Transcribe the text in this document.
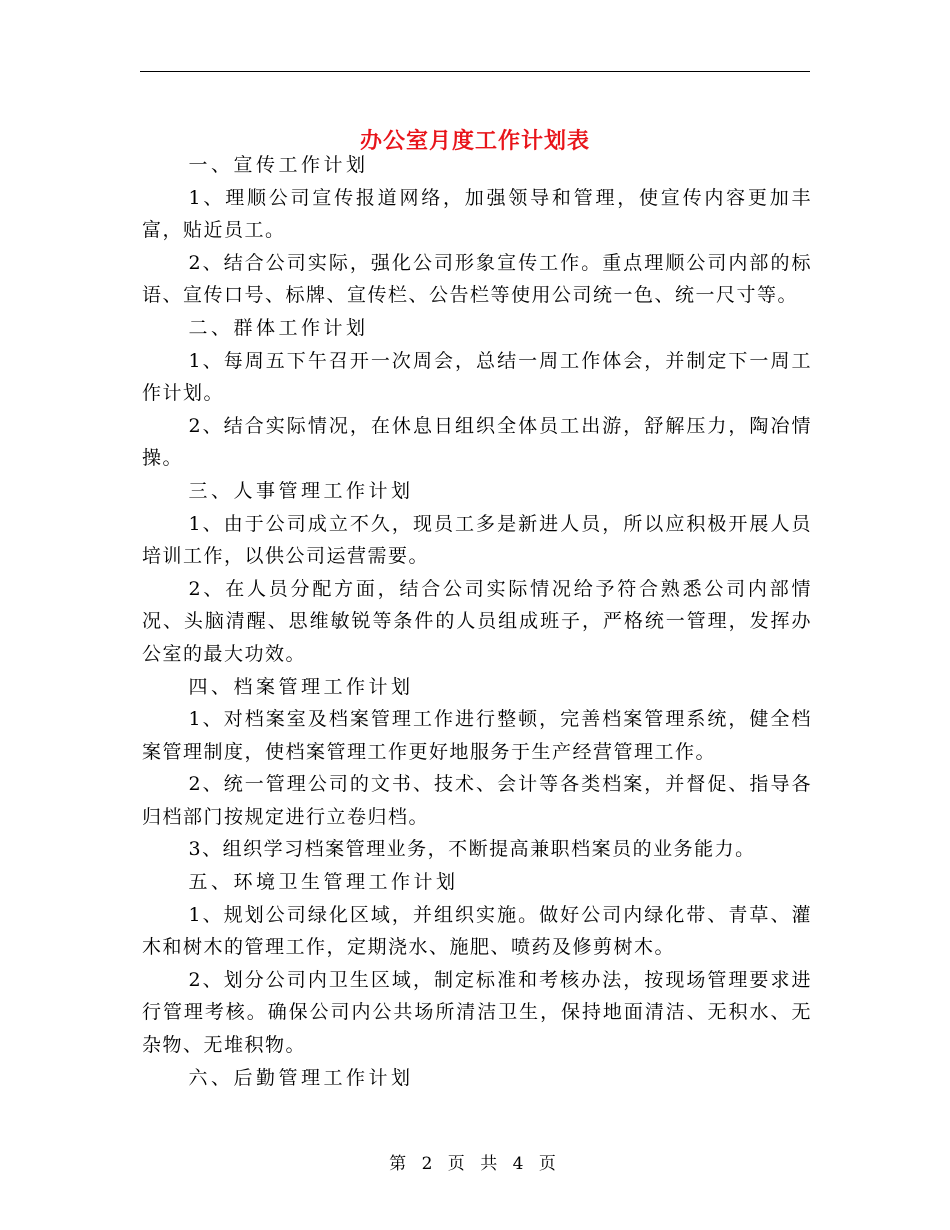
办公室月度工作计划表

一、宣传工作计划

1、理顺公司宣传报道网络，加强领导和管理，使宣传内容更加丰富，贴近员工。

2、结合公司实际，强化公司形象宣传工作。重点理顺公司内部的标语、宣传口号、标牌、宣传栏、公告栏等使用公司统一色、统一尺寸等。

二、群体工作计划

1、每周五下午召开一次周会，总结一周工作体会，并制定下一周工作计划。

2、结合实际情况，在休息日组织全体员工出游，舒解压力，陶冶情操。

三、人事管理工作计划

1、由于公司成立不久，现员工多是新进人员，所以应积极开展人员培训工作，以供公司运营需要。

2、在人员分配方面，结合公司实际情况给予符合熟悉公司内部情况、头脑清醒、思维敏锐等条件的人员组成班子，严格统一管理，发挥办公室的最大功效。

四、档案管理工作计划

1、对档案室及档案管理工作进行整顿，完善档案管理系统，健全档案管理制度，使档案管理工作更好地服务于生产经营管理工作。

2、统一管理公司的文书、技术、会计等各类档案，并督促、指导各归档部门按规定进行立卷归档。

3、组织学习档案管理业务，不断提高兼职档案员的业务能力。

五、环境卫生管理工作计划

1、规划公司绿化区域，并组织实施。做好公司内绿化带、青草、灌木和树木的管理工作，定期浇水、施肥、喷药及修剪树木。

2、划分公司内卫生区域，制定标准和考核办法，按现场管理要求进行管理考核。确保公司内公共场所清洁卫生，保持地面清洁、无积水、无杂物、无堆积物。

六、后勤管理工作计划

第 2 页 共 4 页
